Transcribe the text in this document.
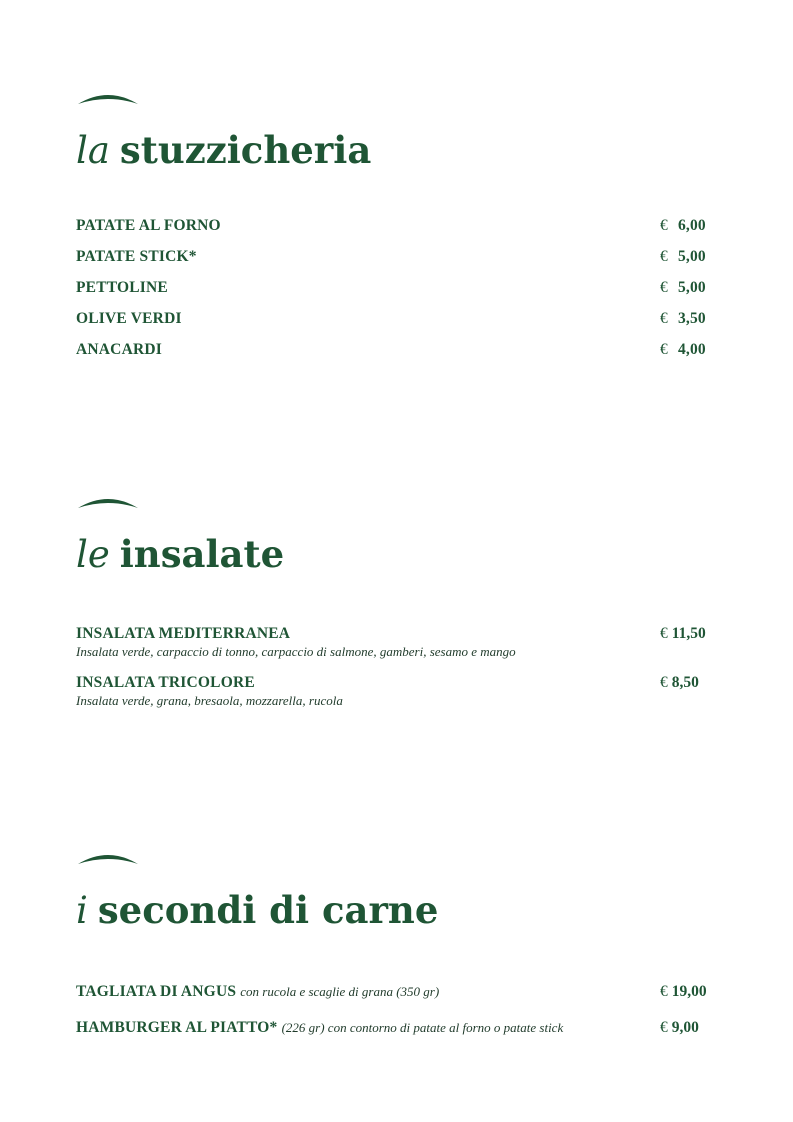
la stuzzicheria
PATATE AL FORNO	€ 6,00
PATATE STICK*	€ 5,00
PETTOLINE	€ 5,00
OLIVE VERDI	€ 3,50
ANACARDI	€ 4,00
le insalate
INSALATA MEDITERRANEA
Insalata verde, carpaccio di tonno, carpaccio di salmone, gamberi, sesamo e mango
€ 11,50
INSALATA TRICOLORE
Insalata verde, grana, bresaola, mozzarella, rucola
€ 8,50
i secondi di carne
TAGLIATA DI ANGUS con rucola e scaglie di grana (350 gr)	€ 19,00
HAMBURGER AL PIATTO* (226 gr) con contorno di patate al forno o patate stick	€ 9,00
